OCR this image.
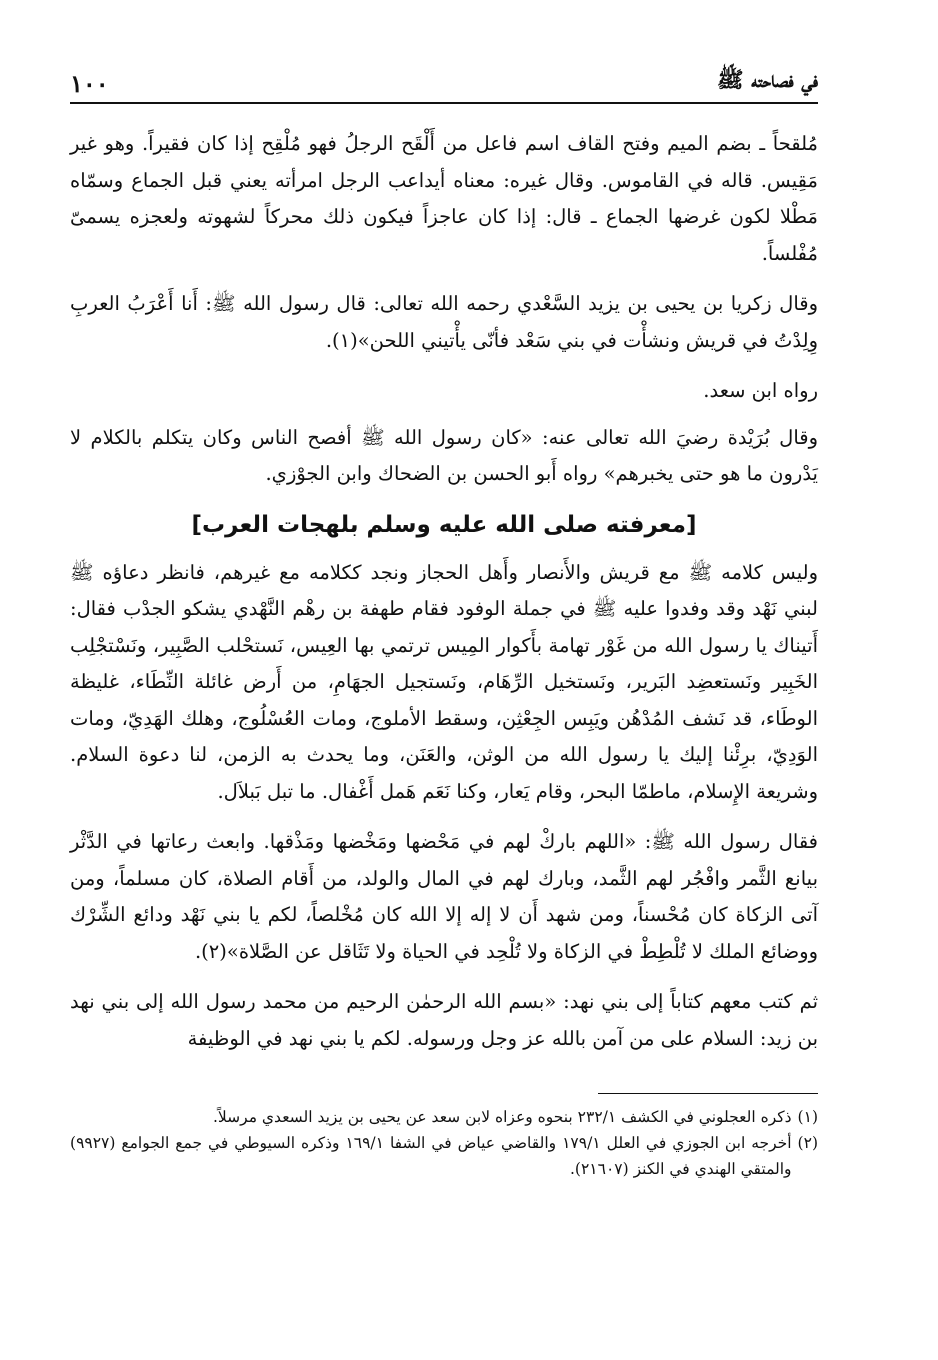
في فصاحته ﷺ
١٠٠

مُلقحاً ـ بضم الميم وفتح القاف اسم فاعل من أَلْقَح الرجلُ فهو مُلْقِح إذا كان فقيراً. وهو غير مَقِيس. قاله في القاموس. وقال غيره: معناه أيداعب الرجل امرأته يعني قبل الجماع وسمّاه مَطْلا لكون غرضها الجماع ـ قال: إذا كان عاجزاً فيكون ذلك محركاً لشهوته ولعجزه يسمىّ مُفْلساً.

وقال زكريا بن يحيى بن يزيد السَّعْدي رحمه الله تعالى: قال رسول الله ﷺ: أَنا أَعْرَبُ العربِ وِلِدْتُ في قريش ونشأْت في بني سَعْد فأنّى يأْتيني اللحن»(١).

رواه ابن سعد.

وقال بُرَيْدة رضيَ الله تعالى عنه: «كان رسول الله ﷺ أفصح الناس وكان يتكلم بالكلام لا يَدْرون ما هو حتى يخبرهم» رواه أَبو الحسن بن الضحاك وابن الجوْزي.

[معرفته صلى الله عليه وسلم بلهجات العرب]

وليس كلامه ﷺ مع قريش والأَنصار وأَهل الحجاز ونجد ككلامه مع غيرهم، فانظر دعاؤه ﷺ لبني نَهْد وقد وفدوا عليه ﷺ في جملة الوفود فقام طهفة بن رهْم النَّهْدي يشكو الجدْب فقال: أَتيناك يا رسول الله من غَوْر تهامة بأَكوار المِيس ترتمي بها العِيس، نَستحْلب الصَّبِير، ونَسْتجْلِب الخَبِير ونَستعضِد البَرير، ونَستخيل الرِّهَام، ونَستجيل الجهَامِ، من أَرض غائلة النِّطَاء، غليظة الوطَاء، قد نَشف المُدْهُن ويَبِس الجِعْثِن، وسقط الأملوج، ومات العُسْلُوج، وهلك الهَدِيّ، ومات الوَدِيّ، برِئْنا إليك يا رسول الله من الوثن، والعَنَن، وما يحدث به الزمن، لنا دعوة السلام. وشريعة الإِسلام، ماطمّا البحر، وقام يَعار، وكنا نَعَم هَمل أَغْفال. ما تبل بَبلاَل.

فقال رسول الله ﷺ: «اللهم باركْ لهم في مَحْضها ومَخْضها ومَذْقها. وابعث رعاتها في الدَّثْر بيانع الثَّمر وافْجُر لهم الثَّمد، وبارك لهم في المال والولد، من أَقام الصلاة، كان مسلماً، ومن آتى الزكاة كان مُحْسناً، ومن شهد أَن لا إله إلا الله كان مُخْلصاً، لكم يا بني نَهْد ودائع الشِّرْك ووضائع الملك لا تُلْطِطْ في الزكاة ولا تُلْحِد في الحياة ولا تَثَاقل عن الصَّلاة»(٢).

ثم كتب معهم كتاباً إلى بني نهد: «بسم الله الرحمٰن الرحيم من محمد رسول الله إلى بني نهد بن زيد: السلام على من آمن بالله عز وجل ورسوله. لكم يا بني نهد في الوظيفة

(١)
ذكره العجلوني في الكشف ٢٣٢/١ بنحوه وعزاه لابن سعد عن يحيى بن يزيد السعدي مرسلاً.
(٢)
أخرجه ابن الجوزي في العلل ١٧٩/١ والقاضي عياض في الشفا ١٦٩/١ وذكره السيوطي في جمع الجوامع (٩٩٢٧) والمتقي الهندي في الكنز (٢١٦٠٧).
